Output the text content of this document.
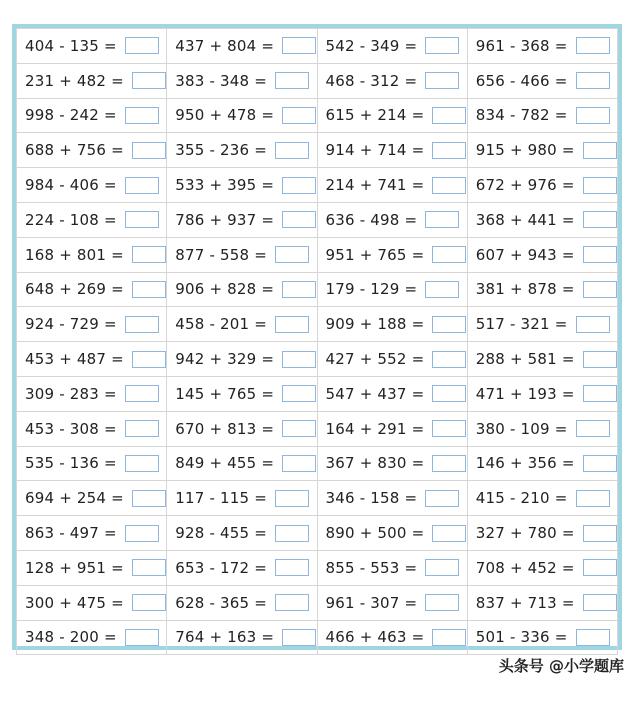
404 - 135 =	437 + 804 =	542 - 349 =	961 - 368 =

231 + 482 =	383 - 348 =	468 - 312 =	656 - 466 =

998 - 242 =	950 + 478 =	615 + 214 =	834 - 782 =

688 + 756 =	355 - 236 =	914 + 714 =	915 + 980 =

984 - 406 =	533 + 395 =	214 + 741 =	672 + 976 =

224 - 108 =	786 + 937 =	636 - 498 =	368 + 441 =

168 + 801 =	877 - 558 =	951 + 765 =	607 + 943 =

648 + 269 =	906 + 828 =	179 - 129 =	381 + 878 =

924 - 729 =	458 - 201 =	909 + 188 =	517 - 321 =

453 + 487 =	942 + 329 =	427 + 552 =	288 + 581 =

309 - 283 =	145 + 765 =	547 + 437 =	471 + 193 =

453 - 308 =	670 + 813 =	164 + 291 =	380 - 109 =

535 - 136 =	849 + 455 =	367 + 830 =	146 + 356 =

694 + 254 =	117 - 115 =	346 - 158 =	415 - 210 =

863 - 497 =	928 - 455 =	890 + 500 =	327 + 780 =

128 + 951 =	653 - 172 =	855 - 553 =	708 + 452 =

300 + 475 =	628 - 365 =	961 - 307 =	837 + 713 =

348 - 200 =	764 + 163 =	466 + 463 =	501 - 336 =
头条号 @小学题库
